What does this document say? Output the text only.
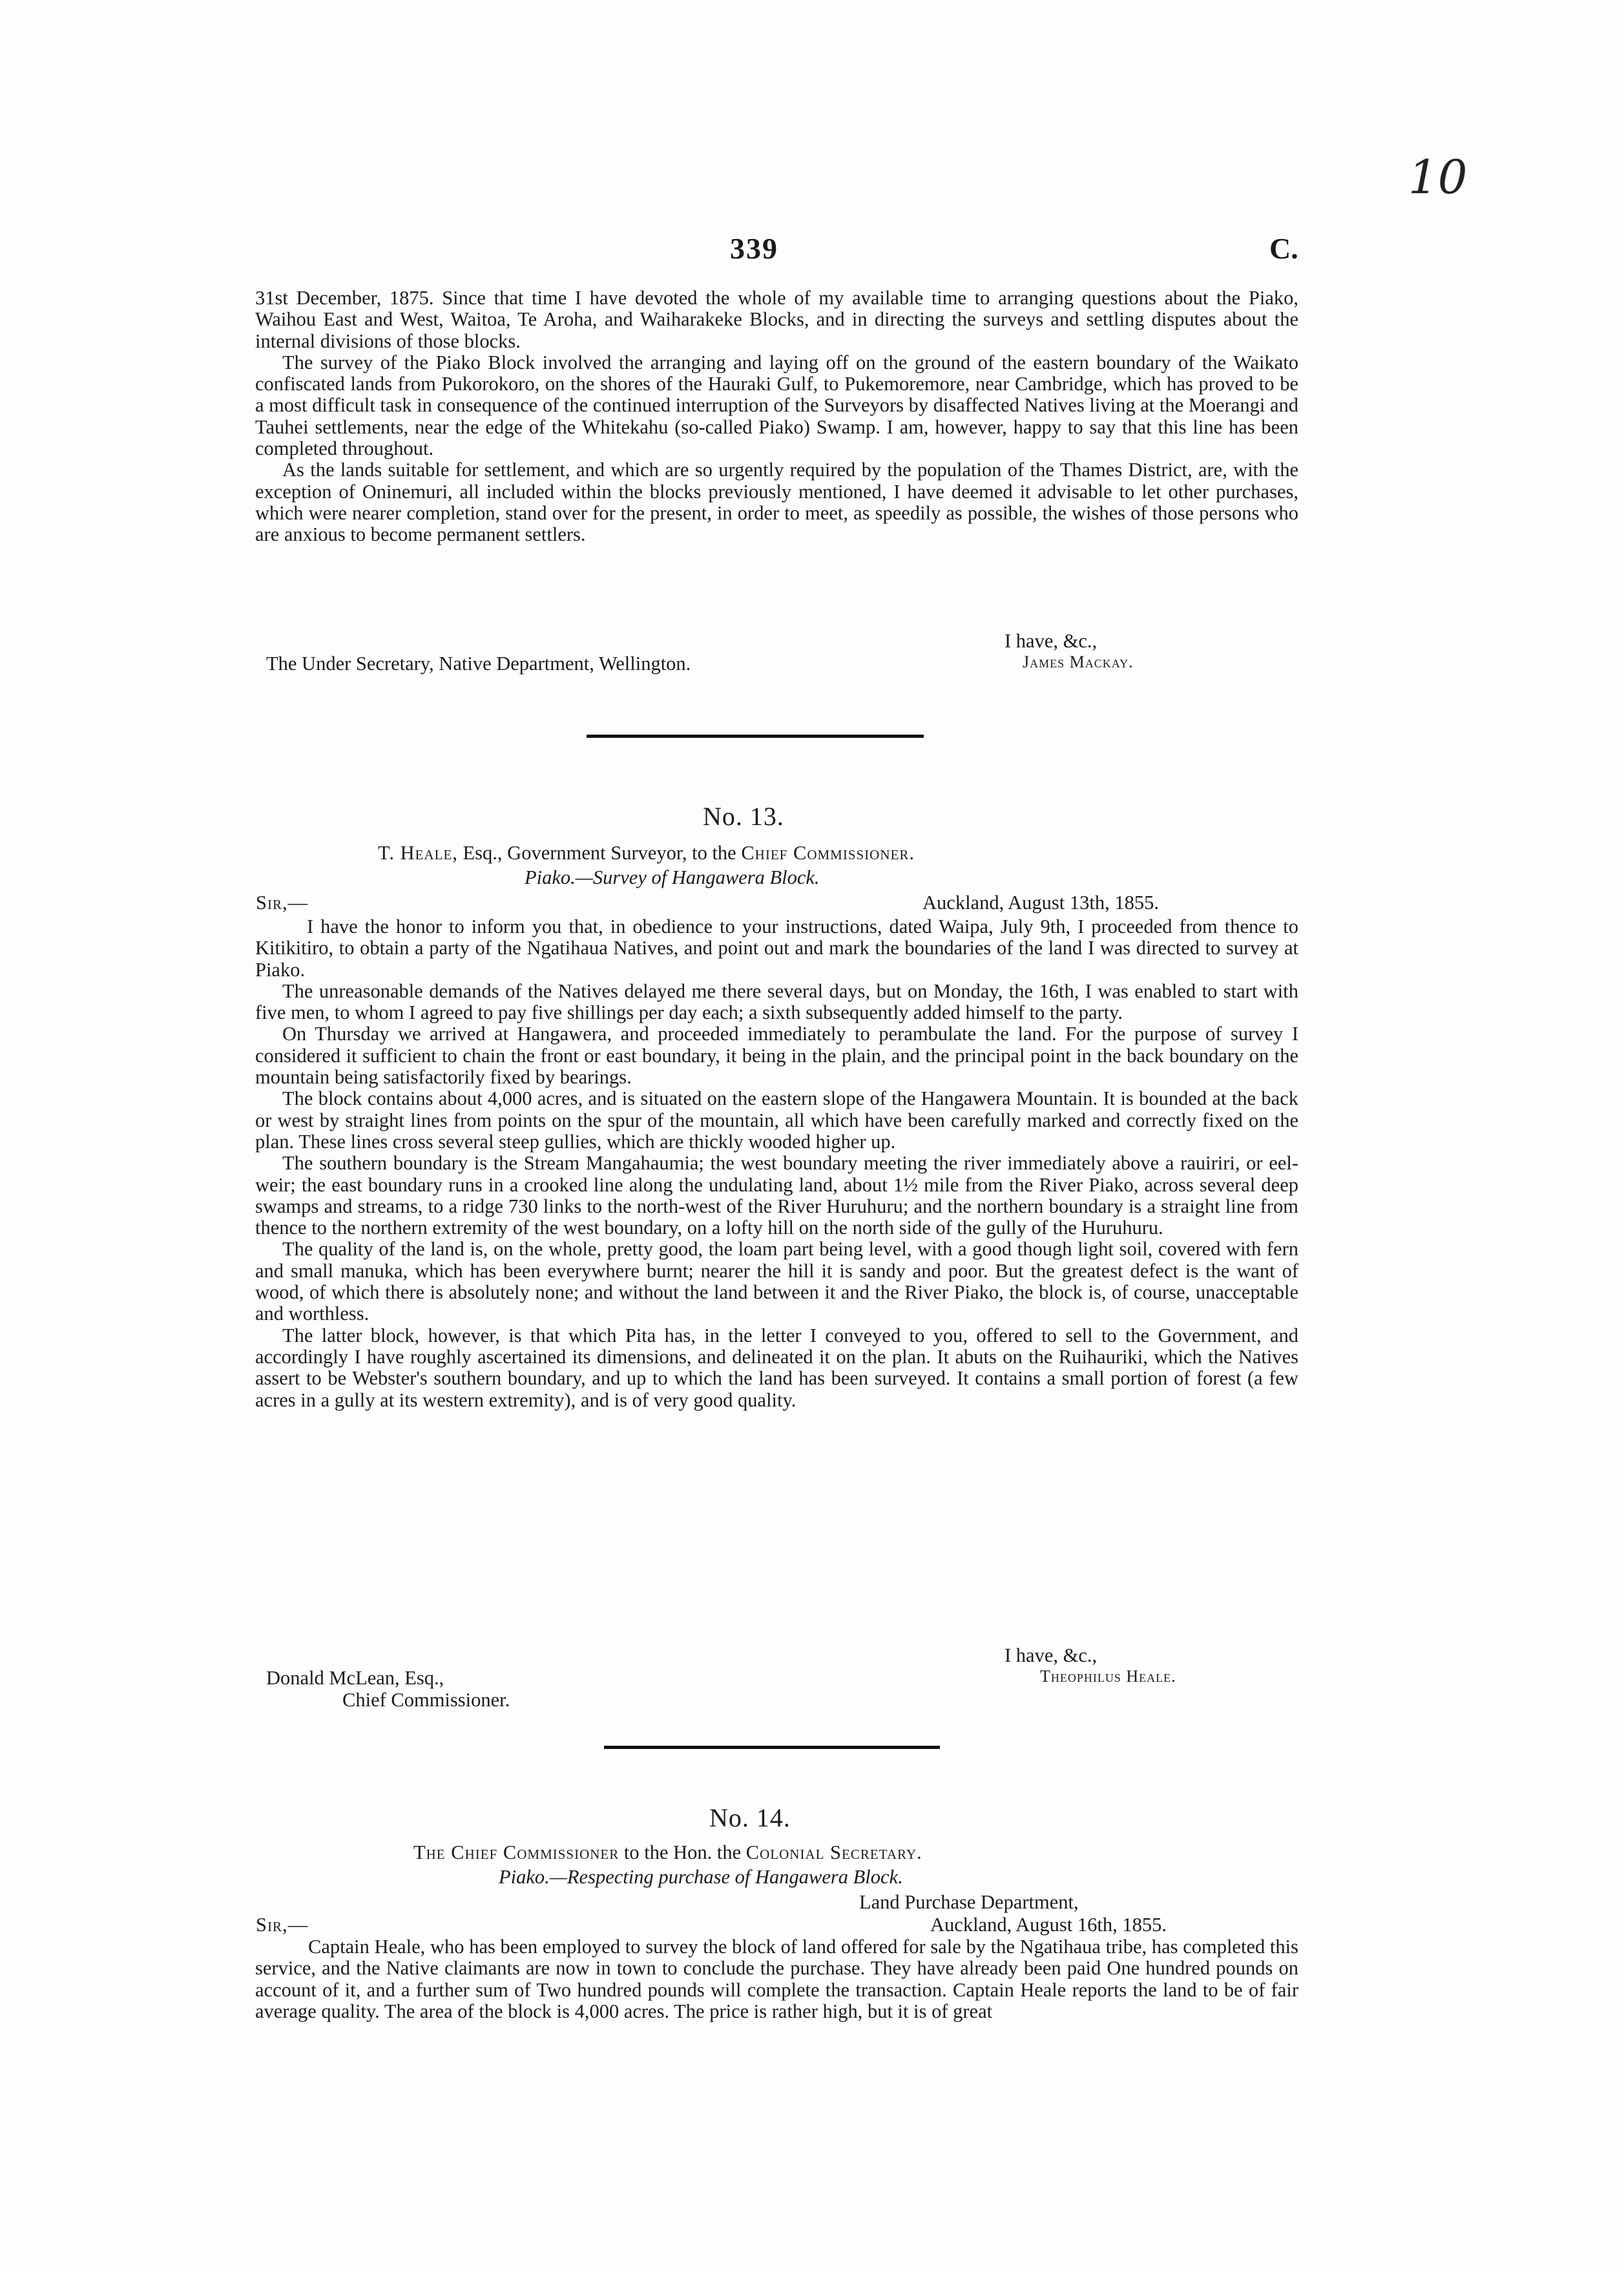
10
339	C.

31st December, 1875. Since that time I have devoted the whole of my available time to arranging questions about the Piako, Waihou East and West, Waitoa, Te Aroha, and Waiharakeke Blocks, and in directing the surveys and settling disputes about the internal divisions of those blocks.

The survey of the Piako Block involved the arranging and laying off on the ground of the eastern boundary of the Waikato confiscated lands from Pukorokoro, on the shores of the Hauraki Gulf, to Pukemoremore, near Cambridge, which has proved to be a most difficult task in consequence of the continued interruption of the Surveyors by disaffected Natives living at the Moerangi and Tauhei settlements, near the edge of the Whitekahu (so-called Piako) Swamp. I am, however, happy to say that this line has been completed throughout.

As the lands suitable for settlement, and which are so urgently required by the population of the Thames District, are, with the exception of Oninemuri, all included within the blocks previously mentioned, I have deemed it advisable to let other purchases, which were nearer completion, stand over for the present, in order to meet, as speedily as possible, the wishes of those persons who are anxious to become permanent settlers.

I have, &c.,
James Mackay.
The Under Secretary, Native Department, Wellington.
No. 13.
T. Heale, Esq., Government Surveyor, to the Chief Commissioner.
Piako.—Survey of Hangawera Block.
Sir,—	Auckland, August 13th, 1855.

I have the honor to inform you that, in obedience to your instructions, dated Waipa, July 9th, I proceeded from thence to Kitikitiro, to obtain a party of the Ngatihaua Natives, and point out and mark the boundaries of the land I was directed to survey at Piako.

The unreasonable demands of the Natives delayed me there several days, but on Monday, the 16th, I was enabled to start with five men, to whom I agreed to pay five shillings per day each; a sixth subsequently added himself to the party.

On Thursday we arrived at Hangawera, and proceeded immediately to perambulate the land. For the purpose of survey I considered it sufficient to chain the front or east boundary, it being in the plain, and the principal point in the back boundary on the mountain being satisfactorily fixed by bearings.

The block contains about 4,000 acres, and is situated on the eastern slope of the Hangawera Mountain. It is bounded at the back or west by straight lines from points on the spur of the mountain, all which have been carefully marked and correctly fixed on the plan. These lines cross several steep gullies, which are thickly wooded higher up.

The southern boundary is the Stream Mangahaumia; the west boundary meeting the river immediately above a rauiriri, or eel-weir; the east boundary runs in a crooked line along the undulating land, about 1½ mile from the River Piako, across several deep swamps and streams, to a ridge 730 links to the north-west of the River Huruhuru; and the northern boundary is a straight line from thence to the northern extremity of the west boundary, on a lofty hill on the north side of the gully of the Huruhuru.

The quality of the land is, on the whole, pretty good, the loam part being level, with a good though light soil, covered with fern and small manuka, which has been everywhere burnt; nearer the hill it is sandy and poor. But the greatest defect is the want of wood, of which there is absolutely none; and without the land between it and the River Piako, the block is, of course, unacceptable and worthless.

The latter block, however, is that which Pita has, in the letter I conveyed to you, offered to sell to the Government, and accordingly I have roughly ascertained its dimensions, and delineated it on the plan. It abuts on the Ruihauriki, which the Natives assert to be Webster's southern boundary, and up to which the land has been surveyed. It contains a small portion of forest (a few acres in a gully at its western extremity), and is of very good quality.

I have, &c.,
Theophilus Heale.
Donald McLean, Esq.,
Chief Commissioner.
No. 14.
The Chief Commissioner to the Hon. the Colonial Secretary.
Piako.—Respecting purchase of Hangawera Block.
Land Purchase Department,
Sir,—	Auckland, August 16th, 1855.

Captain Heale, who has been employed to survey the block of land offered for sale by the Ngatihaua tribe, has completed this service, and the Native claimants are now in town to conclude the purchase. They have already been paid One hundred pounds on account of it, and a further sum of Two hundred pounds will complete the transaction. Captain Heale reports the land to be of fair average quality. The area of the block is 4,000 acres. The price is rather high, but it is of great
